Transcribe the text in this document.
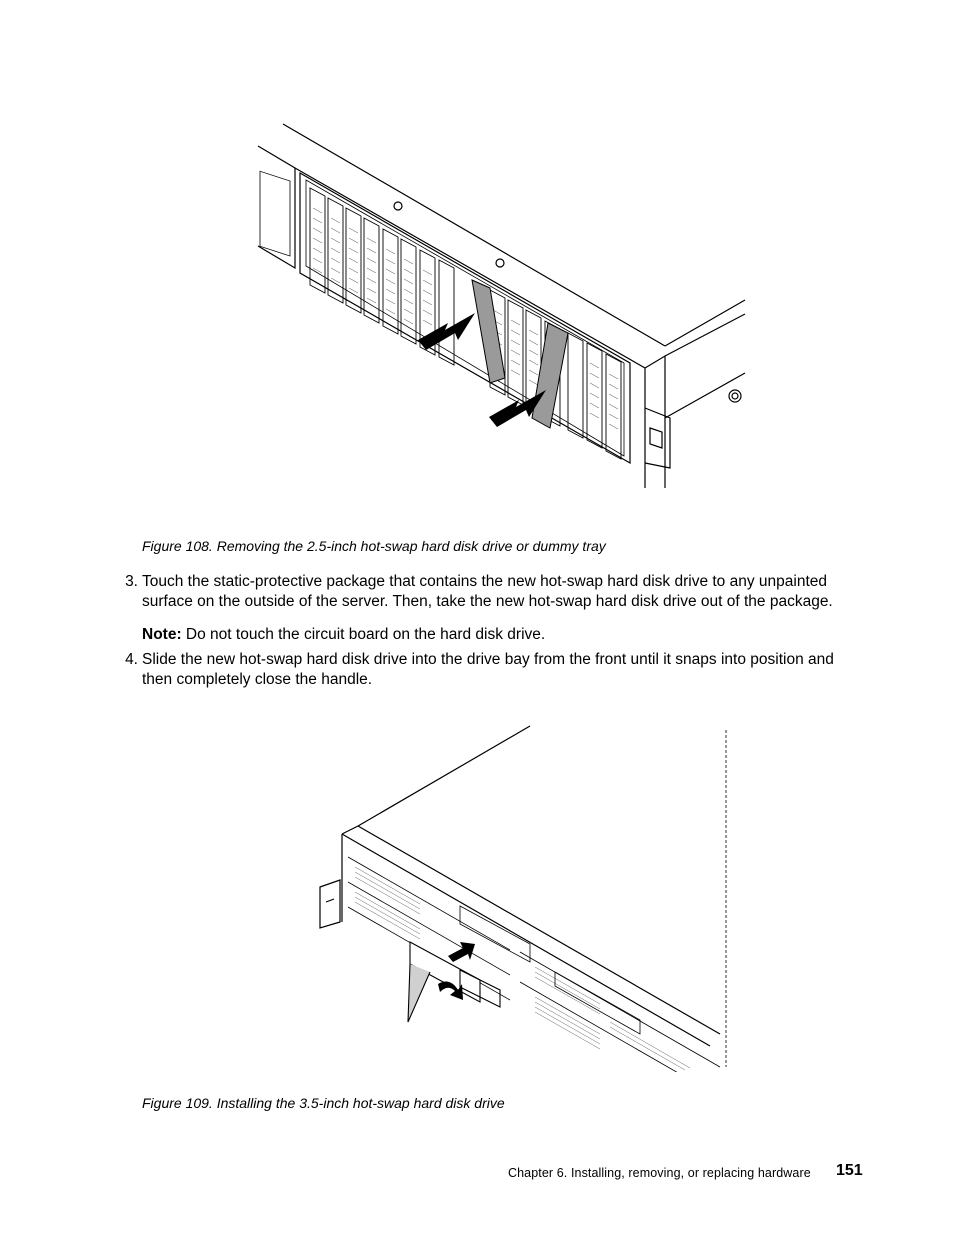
Figure 108. Removing the 2.5-inch hot-swap hard disk drive or dummy tray
3. Touch the static-protective package that contains the new hot-swap hard disk drive to any unpainted surface on the outside of the server. Then, take the new hot-swap hard disk drive out of the package.
Note: Do not touch the circuit board on the hard disk drive.
4. Slide the new hot-swap hard disk drive into the drive bay from the front until it snaps into position and then completely close the handle.
Figure 109. Installing the 3.5-inch hot-swap hard disk drive
Chapter 6. Installing, removing, or replacing hardware 151
